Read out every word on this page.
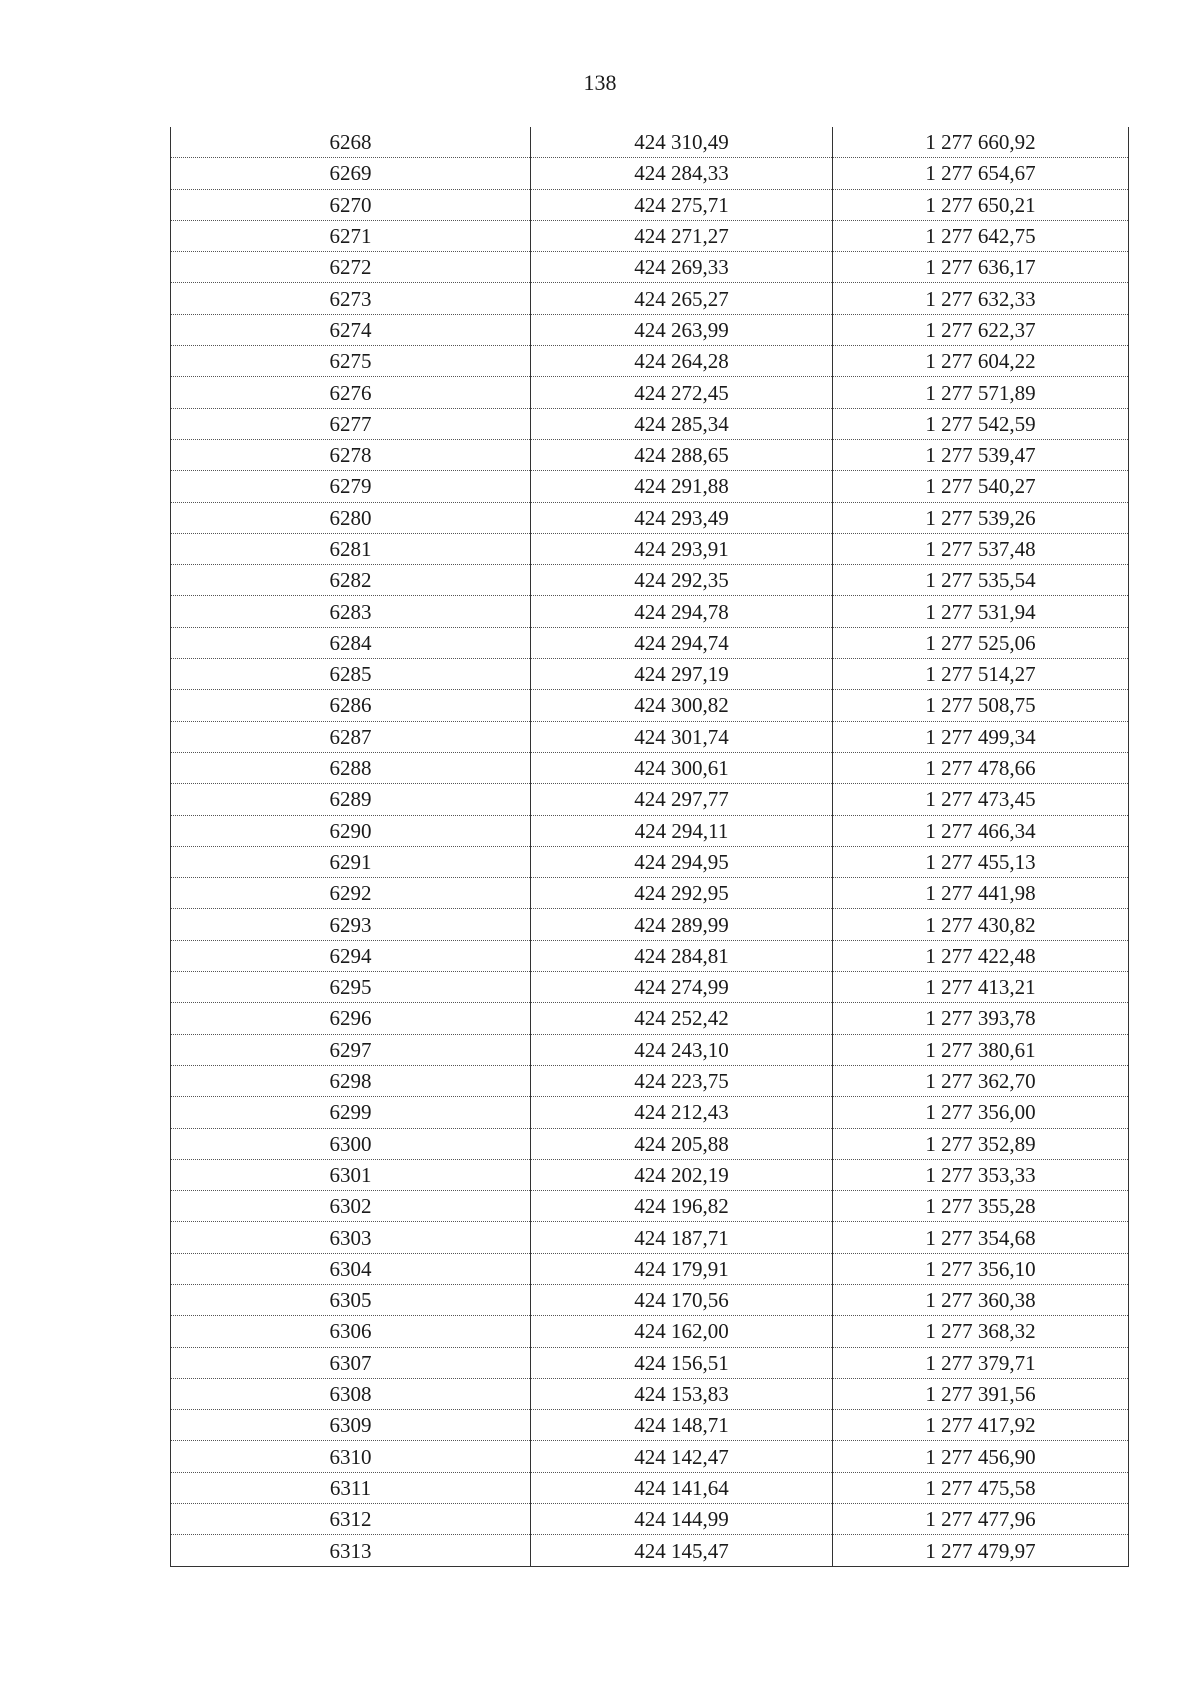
138
6268	424 310,49	1 277 660,92
6269	424 284,33	1 277 654,67
6270	424 275,71	1 277 650,21
6271	424 271,27	1 277 642,75
6272	424 269,33	1 277 636,17
6273	424 265,27	1 277 632,33
6274	424 263,99	1 277 622,37
6275	424 264,28	1 277 604,22
6276	424 272,45	1 277 571,89
6277	424 285,34	1 277 542,59
6278	424 288,65	1 277 539,47
6279	424 291,88	1 277 540,27
6280	424 293,49	1 277 539,26
6281	424 293,91	1 277 537,48
6282	424 292,35	1 277 535,54
6283	424 294,78	1 277 531,94
6284	424 294,74	1 277 525,06
6285	424 297,19	1 277 514,27
6286	424 300,82	1 277 508,75
6287	424 301,74	1 277 499,34
6288	424 300,61	1 277 478,66
6289	424 297,77	1 277 473,45
6290	424 294,11	1 277 466,34
6291	424 294,95	1 277 455,13
6292	424 292,95	1 277 441,98
6293	424 289,99	1 277 430,82
6294	424 284,81	1 277 422,48
6295	424 274,99	1 277 413,21
6296	424 252,42	1 277 393,78
6297	424 243,10	1 277 380,61
6298	424 223,75	1 277 362,70
6299	424 212,43	1 277 356,00
6300	424 205,88	1 277 352,89
6301	424 202,19	1 277 353,33
6302	424 196,82	1 277 355,28
6303	424 187,71	1 277 354,68
6304	424 179,91	1 277 356,10
6305	424 170,56	1 277 360,38
6306	424 162,00	1 277 368,32
6307	424 156,51	1 277 379,71
6308	424 153,83	1 277 391,56
6309	424 148,71	1 277 417,92
6310	424 142,47	1 277 456,90
6311	424 141,64	1 277 475,58
6312	424 144,99	1 277 477,96
6313	424 145,47	1 277 479,97
